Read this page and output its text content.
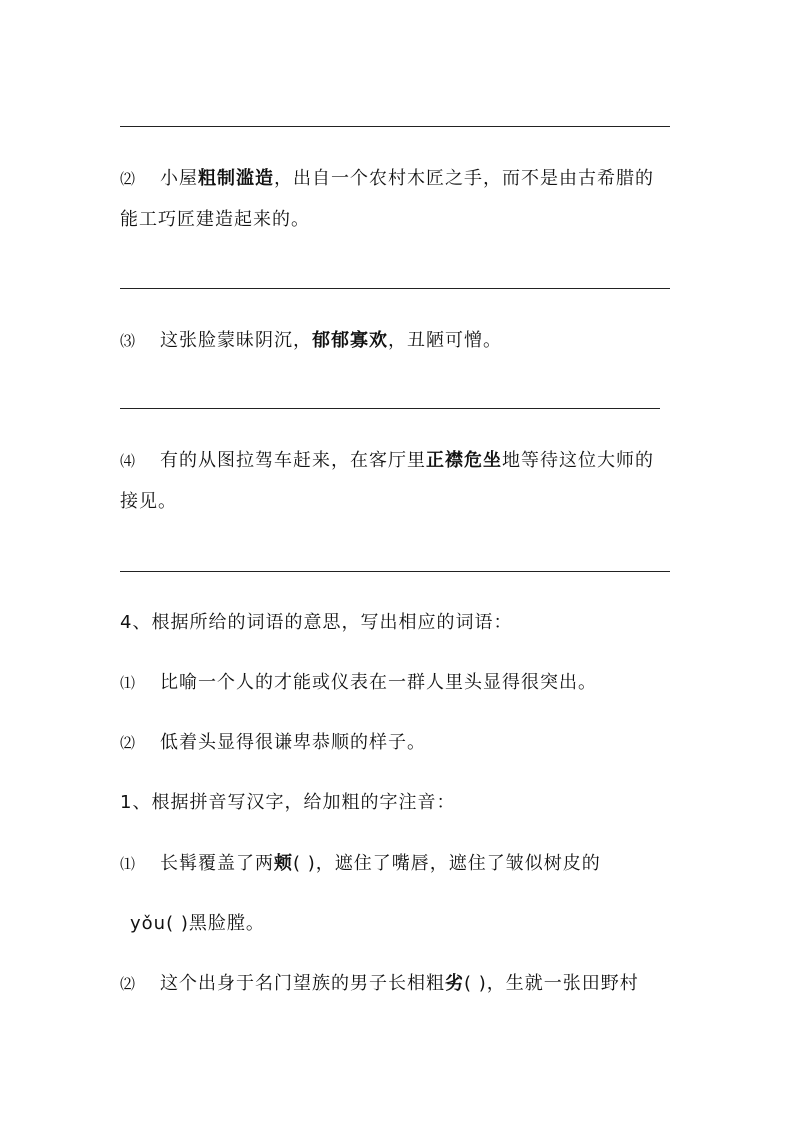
⑵ 小屋粗制滥造，出自一个农村木匠之手，而不是由古希腊的
能工巧匠建造起来的。
⑶ 这张脸蒙昧阴沉，郁郁寡欢，丑陋可憎。
⑷ 有的从图拉驾车赶来，在客厅里正襟危坐地等待这位大师的
接见。
4、根据所给的词语的意思，写出相应的词语：
⑴ 比喻一个人的才能或仪表在一群人里头显得很突出。
⑵ 低着头显得很谦卑恭顺的样子。
1、根据拼音写汉字，给加粗的字注音：
⑴ 长髯覆盖了两颊( )，遮住了嘴唇，遮住了皱似树皮的
yǒu( )黑脸膛。
⑵ 这个出身于名门望族的男子长相粗劣( )，生就一张田野村
